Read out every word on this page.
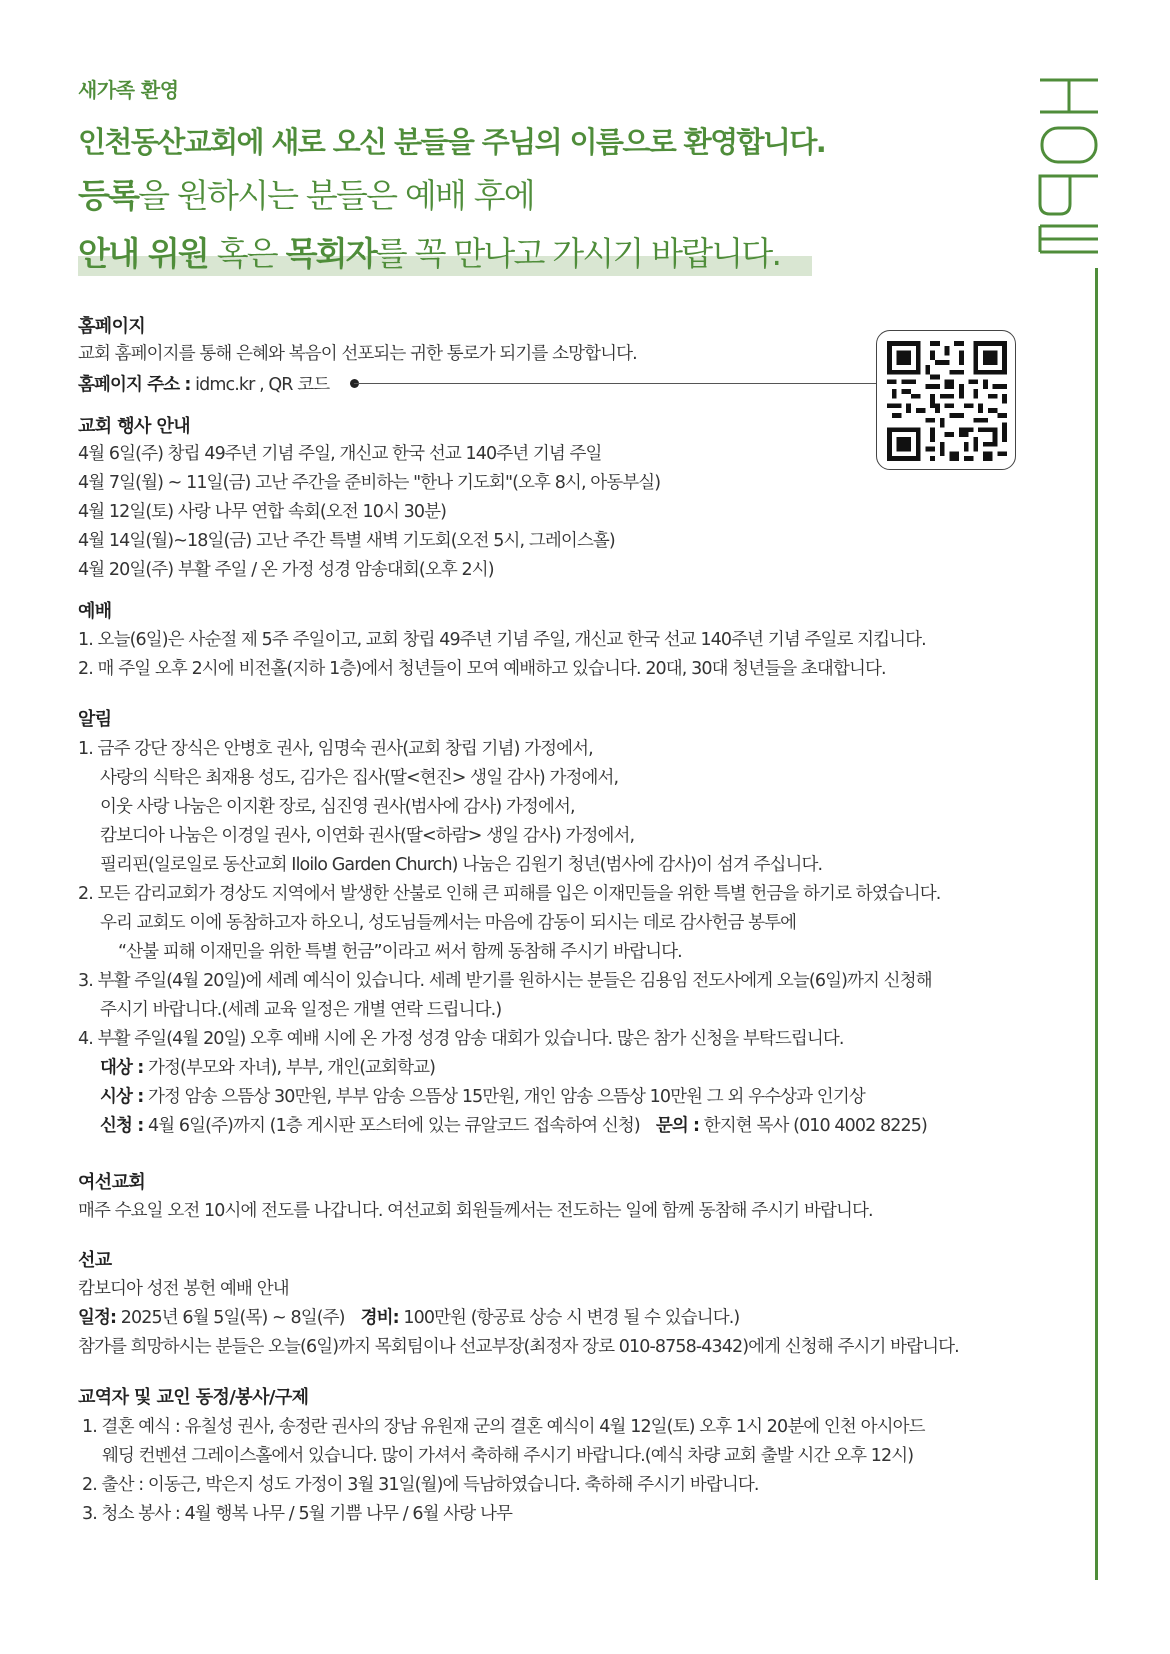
새가족 환영
인천동산교회에 새로 오신 분들을 주님의 이름으로 환영합니다.
등록을 원하시는 분들은 예배 후에
안내 위원 혹은 목회자를 꼭 만나고 가시기 바랍니다.
홈페이지
교회 홈페이지를 통해 은혜와 복음이 선포되는 귀한 통로가 되기를 소망합니다.
홈페이지 주소 : idmc.kr , QR 코드
교회 행사 안내
4월 6일(주) 창립 49주년 기념 주일, 개신교 한국 선교 140주년 기념 주일
4월 7일(월) ~ 11일(금) 고난 주간을 준비하는 "한나 기도회"(오후 8시, 아동부실)
4월 12일(토) 사랑 나무 연합 속회(오전 10시 30분)
4월 14일(월)~18일(금) 고난 주간 특별 새벽 기도회(오전 5시, 그레이스홀)
4월 20일(주) 부활 주일 / 온 가정 성경 암송대회(오후 2시)
예배
1. 오늘(6일)은 사순절 제 5주 주일이고, 교회 창립 49주년 기념 주일, 개신교 한국 선교 140주년 기념 주일로 지킵니다.
2. 매 주일 오후 2시에 비전홀(지하 1층)에서 청년들이 모여 예배하고 있습니다. 20대, 30대 청년들을 초대합니다.
알림
1. 금주 강단 장식은 안병호 권사, 임명숙 권사(교회 창립 기념) 가정에서,
사랑의 식탁은 최재용 성도, 김가은 집사(딸<현진> 생일 감사) 가정에서,
이웃 사랑 나눔은 이지환 장로, 심진영 권사(범사에 감사) 가정에서,
캄보디아 나눔은 이경일 권사, 이연화 권사(딸<하람> 생일 감사) 가정에서,
필리핀(일로일로 동산교회 Iloilo Garden Church) 나눔은 김원기 청년(범사에 감사)이 섬겨 주십니다.
2. 모든 감리교회가 경상도 지역에서 발생한 산불로 인해 큰 피해를 입은 이재민들을 위한 특별 헌금을 하기로 하였습니다.
우리 교회도 이에 동참하고자 하오니, 성도님들께서는 마음에 감동이 되시는 데로 감사헌금 봉투에
“산불 피해 이재민을 위한 특별 헌금”이라고 써서 함께 동참해 주시기 바랍니다.
3. 부활 주일(4월 20일)에 세례 예식이 있습니다. 세례 받기를 원하시는 분들은 김용임 전도사에게 오늘(6일)까지 신청해
주시기 바랍니다.(세례 교육 일정은 개별 연락 드립니다.)
4. 부활 주일(4월 20일) 오후 예배 시에 온 가정 성경 암송 대회가 있습니다. 많은 참가 신청을 부탁드립니다.
대상 : 가정(부모와 자녀), 부부, 개인(교회학교)
시상 : 가정 암송 으뜸상 30만원, 부부 암송 으뜸상 15만원, 개인 암송 으뜸상 10만원 그 외 우수상과 인기상
신청 : 4월 6일(주)까지 (1층 게시판 포스터에 있는 큐알코드 접속하여 신청) 문의 : 한지현 목사 (010 4002 8225)
여선교회
매주 수요일 오전 10시에 전도를 나갑니다. 여선교회 회원들께서는 전도하는 일에 함께 동참해 주시기 바랍니다.
선교
캄보디아 성전 봉헌 예배 안내
일정: 2025년 6월 5일(목) ~ 8일(주) 경비: 100만원 (항공료 상승 시 변경 될 수 있습니다.)
참가를 희망하시는 분들은 오늘(6일)까지 목회팀이나 선교부장(최정자 장로 010-8758-4342)에게 신청해 주시기 바랍니다.
교역자 및 교인 동정/봉사/구제
1. 결혼 예식 : 유칠성 권사, 송정란 권사의 장남 유원재 군의 결혼 예식이 4월 12일(토) 오후 1시 20분에 인천 아시아드
웨딩 컨벤션 그레이스홀에서 있습니다. 많이 가셔서 축하해 주시기 바랍니다.(예식 차량 교회 출발 시간 오후 12시)
2. 출산 : 이동근, 박은지 성도 가정이 3월 31일(월)에 득남하였습니다. 축하해 주시기 바랍니다.
3. 청소 봉사 : 4월 행복 나무 / 5월 기쁨 나무 / 6월 사랑 나무
